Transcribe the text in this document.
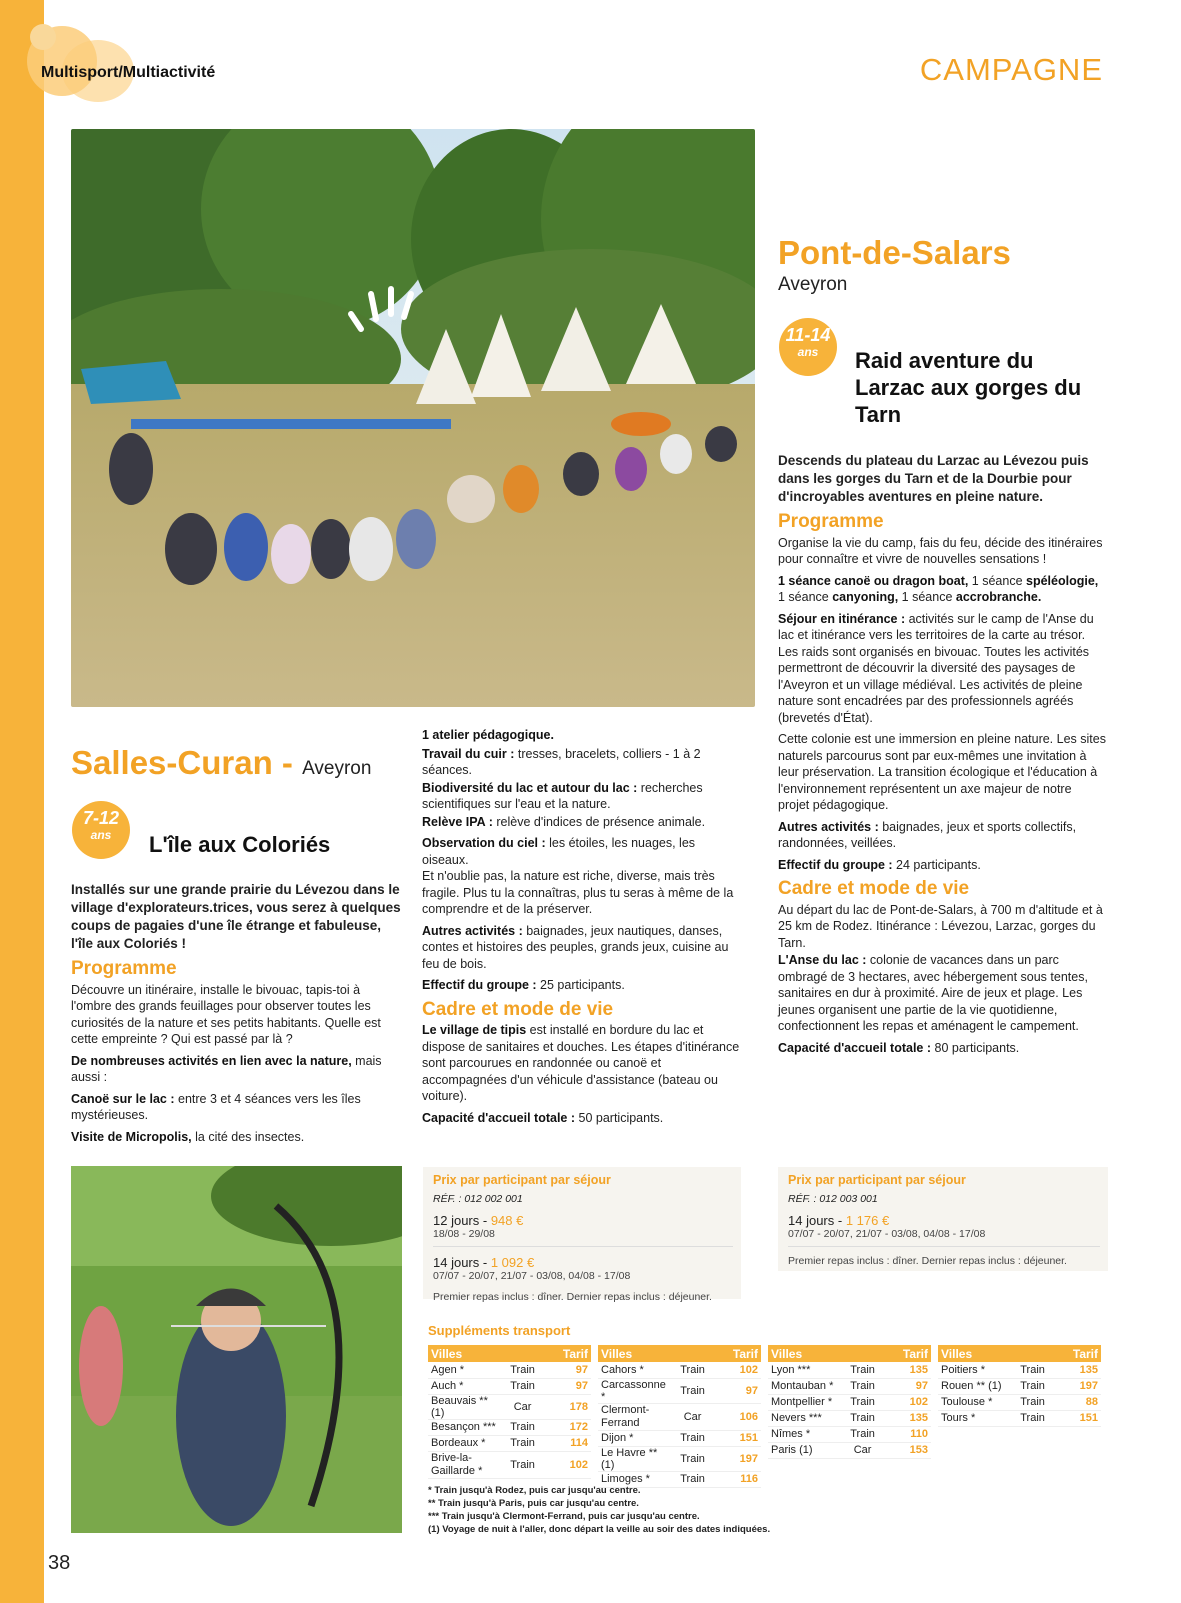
Multisport/Multiactivité	CAMPAGNE
Salles-Curan - Aveyron
7-12
ans	L'île aux Coloriés

Installés sur une grande prairie du Lévezou dans le village d'explorateurs.trices, vous serez à quelques coups de pagaies d'une île étrange et fabuleuse, l'île aux Coloriés !

Programme

Découvre un itinéraire, installe le bivouac, tapis-toi à l'ombre des grands feuillages pour observer toutes les curiosités de la nature et ses petits habitants. Quelle est cette empreinte ? Qui est passé par là ?

De nombreuses activités en lien avec la nature, mais aussi :

Canoë sur le lac : entre 3 et 4 séances vers les îles mystérieuses.

Visite de Micropolis, la cité des insectes.

1 atelier pédagogique.

Travail du cuir : tresses, bracelets, colliers - 1 à 2 séances.

Biodiversité du lac et autour du lac : recherches scientifiques sur l'eau et la nature.

Relève IPA : relève d'indices de présence animale.

Observation du ciel : les étoiles, les nuages, les oiseaux.

Et n'oublie pas, la nature est riche, diverse, mais très fragile. Plus tu la connaîtras, plus tu seras à même de la comprendre et de la préserver.

Autres activités : baignades, jeux nautiques, danses, contes et histoires des peuples, grands jeux, cuisine au feu de bois.

Effectif du groupe : 25 participants.

Cadre et mode de vie

Le village de tipis est installé en bordure du lac et dispose de sanitaires et douches. Les étapes d'itinérance sont parcourues en randonnée ou canoë et accompagnées d'un véhicule d'assistance (bateau ou voiture).

Capacité d'accueil totale : 50 participants.

Prix par participant par séjour
RÉF. : 012 002 001
12 jours - 948 €
18/08 - 29/08
14 jours - 1 092 €
07/07 - 20/07, 21/07 - 03/08, 04/08 - 17/08
Premier repas inclus : dîner. Dernier repas inclus : déjeuner.
Pont-de-Salars
Aveyron
11-14
ans	Raid aventure du Larzac aux gorges du Tarn

Descends du plateau du Larzac au Lévezou puis dans les gorges du Tarn et de la Dourbie pour d'incroyables aventures en pleine nature.

Programme

Organise la vie du camp, fais du feu, décide des itinéraires pour connaître et vivre de nouvelles sensations !

1 séance canoë ou dragon boat, 1 séance spéléologie, 1 séance canyoning, 1 séance accrobranche.

Séjour en itinérance : activités sur le camp de l'Anse du lac et itinérance vers les territoires de la carte au trésor. Les raids sont organisés en bivouac. Toutes les activités permettront de découvrir la diversité des paysages de l'Aveyron et un village médiéval. Les activités de pleine nature sont encadrées par des professionnels agréés (brevetés d'État).

Cette colonie est une immersion en pleine nature. Les sites naturels parcourus sont par eux-mêmes une invitation à leur préservation. La transition écologique et l'éducation à l'environnement représentent un axe majeur de notre projet pédagogique.

Autres activités : baignades, jeux et sports collectifs, randonnées, veillées.

Effectif du groupe : 24 participants.

Cadre et mode de vie

Au départ du lac de Pont-de-Salars, à 700 m d'altitude et à 25 km de Rodez. Itinérance : Lévezou, Larzac, gorges du Tarn.

L'Anse du lac : colonie de vacances dans un parc ombragé de 3 hectares, avec hébergement sous tentes, sanitaires en dur à proximité. Aire de jeux et plage. Les jeunes organisent une partie de la vie quotidienne, confectionnent les repas et aménagent le campement.

Capacité d'accueil totale : 80 participants.

Prix par participant par séjour
RÉF. : 012 003 001
14 jours - 1 176 €
07/07 - 20/07, 21/07 - 03/08, 04/08 - 17/08
Premier repas inclus : dîner. Dernier repas inclus : déjeuner.
Suppléments transport
Villes		Tarif
Agen *	Train	97
Auch *	Train	97
Beauvais ** (1)	Car	178
Besançon ***	Train	172
Bordeaux *	Train	114
Brive-la-Gaillarde *	Train	102
Villes		Tarif
Cahors *	Train	102
Carcassonne *	Train	97
Clermont-Ferrand	Car	106
Dijon *	Train	151
Le Havre ** (1)	Train	197
Limoges *	Train	116
Villes		Tarif
Lyon ***	Train	135
Montauban *	Train	97
Montpellier *	Train	102
Nevers ***	Train	135
Nîmes *	Train	110
Paris (1)	Car	153
Villes		Tarif
Poitiers *	Train	135
Rouen ** (1)	Train	197
Toulouse *	Train	88
Tours *	Train	151
* Train jusqu'à Rodez, puis car jusqu'au centre.
** Train jusqu'à Paris, puis car jusqu'au centre.
*** Train jusqu'à Clermont-Ferrand, puis car jusqu'au centre.
(1) Voyage de nuit à l'aller, donc départ la veille au soir des dates indiquées.
38
